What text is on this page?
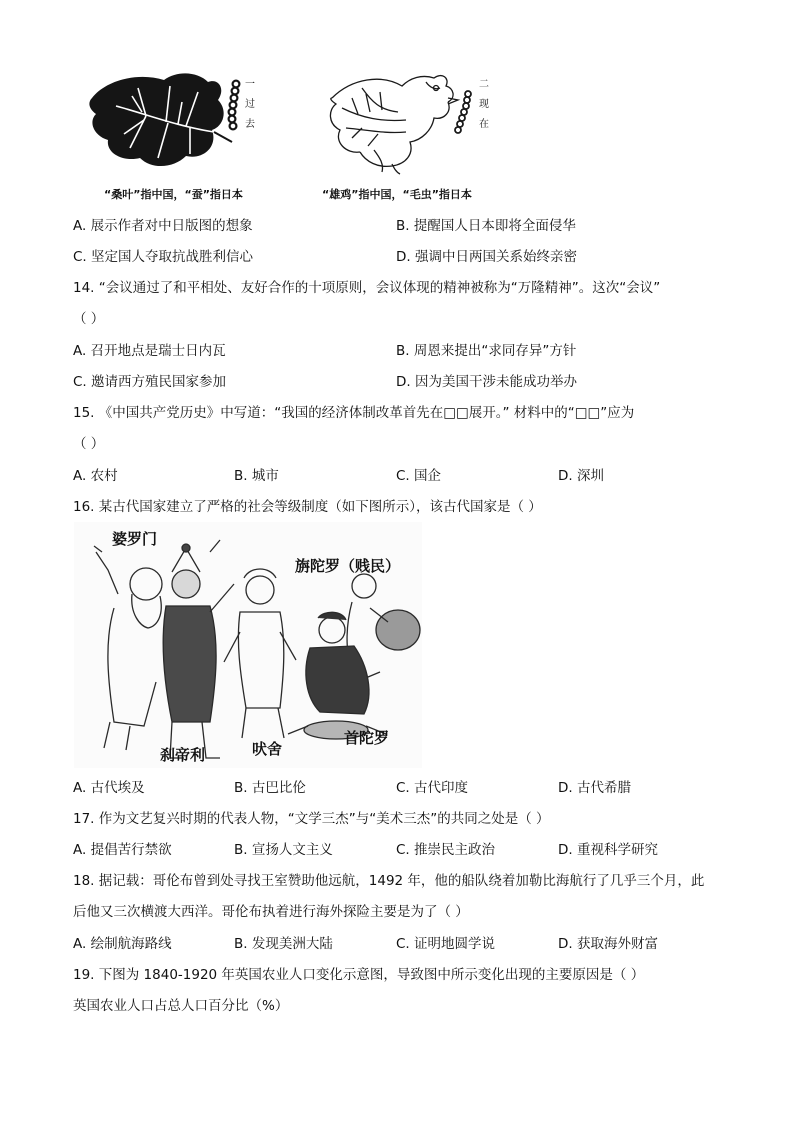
一
过
去
“桑叶”指中国，“蚕”指日本
二
现
在
“雄鸡”指中国，“毛虫”指日本
A. 展示作者对中日版图的想象	B. 提醒国人日本即将全面侵华
C. 坚定国人夺取抗战胜利信心	D. 强调中日两国关系始终亲密
14. “会议通过了和平相处、友好合作的十项原则，会议体现的精神被称为“万隆精神”。这次“会议”
（ ）
A. 召开地点是瑞士日内瓦	B. 周恩来提出“求同存异”方针
C. 邀请西方殖民国家参加	D. 因为美国干涉未能成功举办
15. 《中国共产党历史》中写道：“我国的经济体制改革首先在□□展开。” 材料中的“□□”应为
（ ）
A. 农村	B. 城市	C. 国企	D. 深圳
16. 某古代国家建立了严格的社会等级制度（如下图所示），该古代国家是（ ）
婆罗门
旃陀罗（贱民）
刹帝利	吠舍
首陀罗
A. 古代埃及	B. 古巴比伦	C. 古代印度	D. 古代希腊
17. 作为文艺复兴时期的代表人物，“文学三杰”与“美术三杰”的共同之处是（ ）
A. 提倡苦行禁欲	B. 宣扬人文主义	C. 推崇民主政治	D. 重视科学研究
18. 据记载：哥伦布曾到处寻找王室赞助他远航，1492 年，他的船队绕着加勒比海航行了几乎三个月，此
后他又三次横渡大西洋。哥伦布执着进行海外探险主要是为了（ ）
A. 绘制航海路线	B. 发现美洲大陆	C. 证明地圆学说	D. 获取海外财富
19. 下图为 1840-1920 年英国农业人口变化示意图，导致图中所示变化出现的主要原因是（ ）
英国农业人口占总人口百分比（%）
